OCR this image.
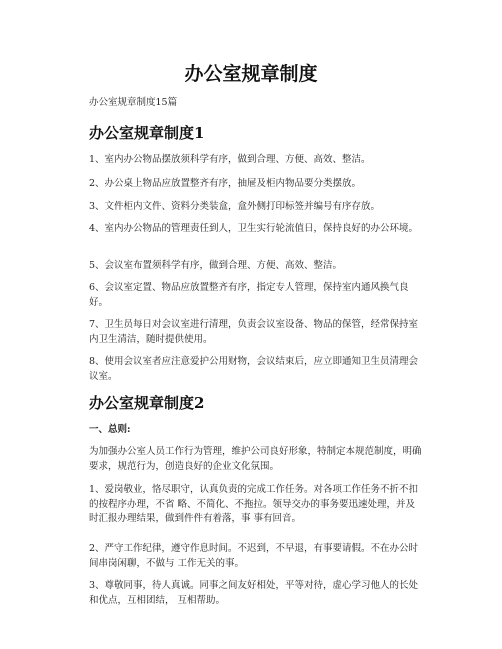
办公室规章制度

办公室规章制度15篇

办公室规章制度1

1、室内办公物品摆放须科学有序，做到合理、方便、高效、整洁。

2、办公桌上物品应放置整齐有序，抽屉及柜内物品要分类摆放。

3、文件柜内文件、资料分类装盒，盒外侧打印标签并编号有序存放。

4、室内办公物品的管理责任到人，卫生实行轮流值日，保持良好的办公环境。

5、会议室布置须科学有序，做到合理、方便、高效、整洁。

6、会议室定置、物品应放置整齐有序，指定专人管理，保持室内通风换气良好。

7、卫生员每日对会议室进行清理，负责会议室设备、物品的保管，经常保持室内卫生清洁，随时提供使用。

8、使用会议室者应注意爱护公用财物，会议结束后，应立即通知卫生员清理会议室。

办公室规章制度2

一、总则:

为加强办公室人员工作行为管理，维护公司良好形象，特制定本规范制度，明确要求，规范行为，创造良好的企业文化氛围。

1、爱岗敬业，恪尽职守，认真负责的完成工作任务。对各项工作任务不折不扣的按程序办理，不省 略、不简化、不拖拉。领导交办的事务要迅速处理，并及时汇报办理结果，做到件件有着落，事 事有回音。

2、严守工作纪律，遵守作息时间。不迟到，不早退，有事要请假。不在办公时间串岗闲聊，不做与 工作无关的事。

3、尊敬同事，待人真诚。同事之间友好相处，平等对待，虚心学习他人的长处和优点，互相团结， 互相帮助。
